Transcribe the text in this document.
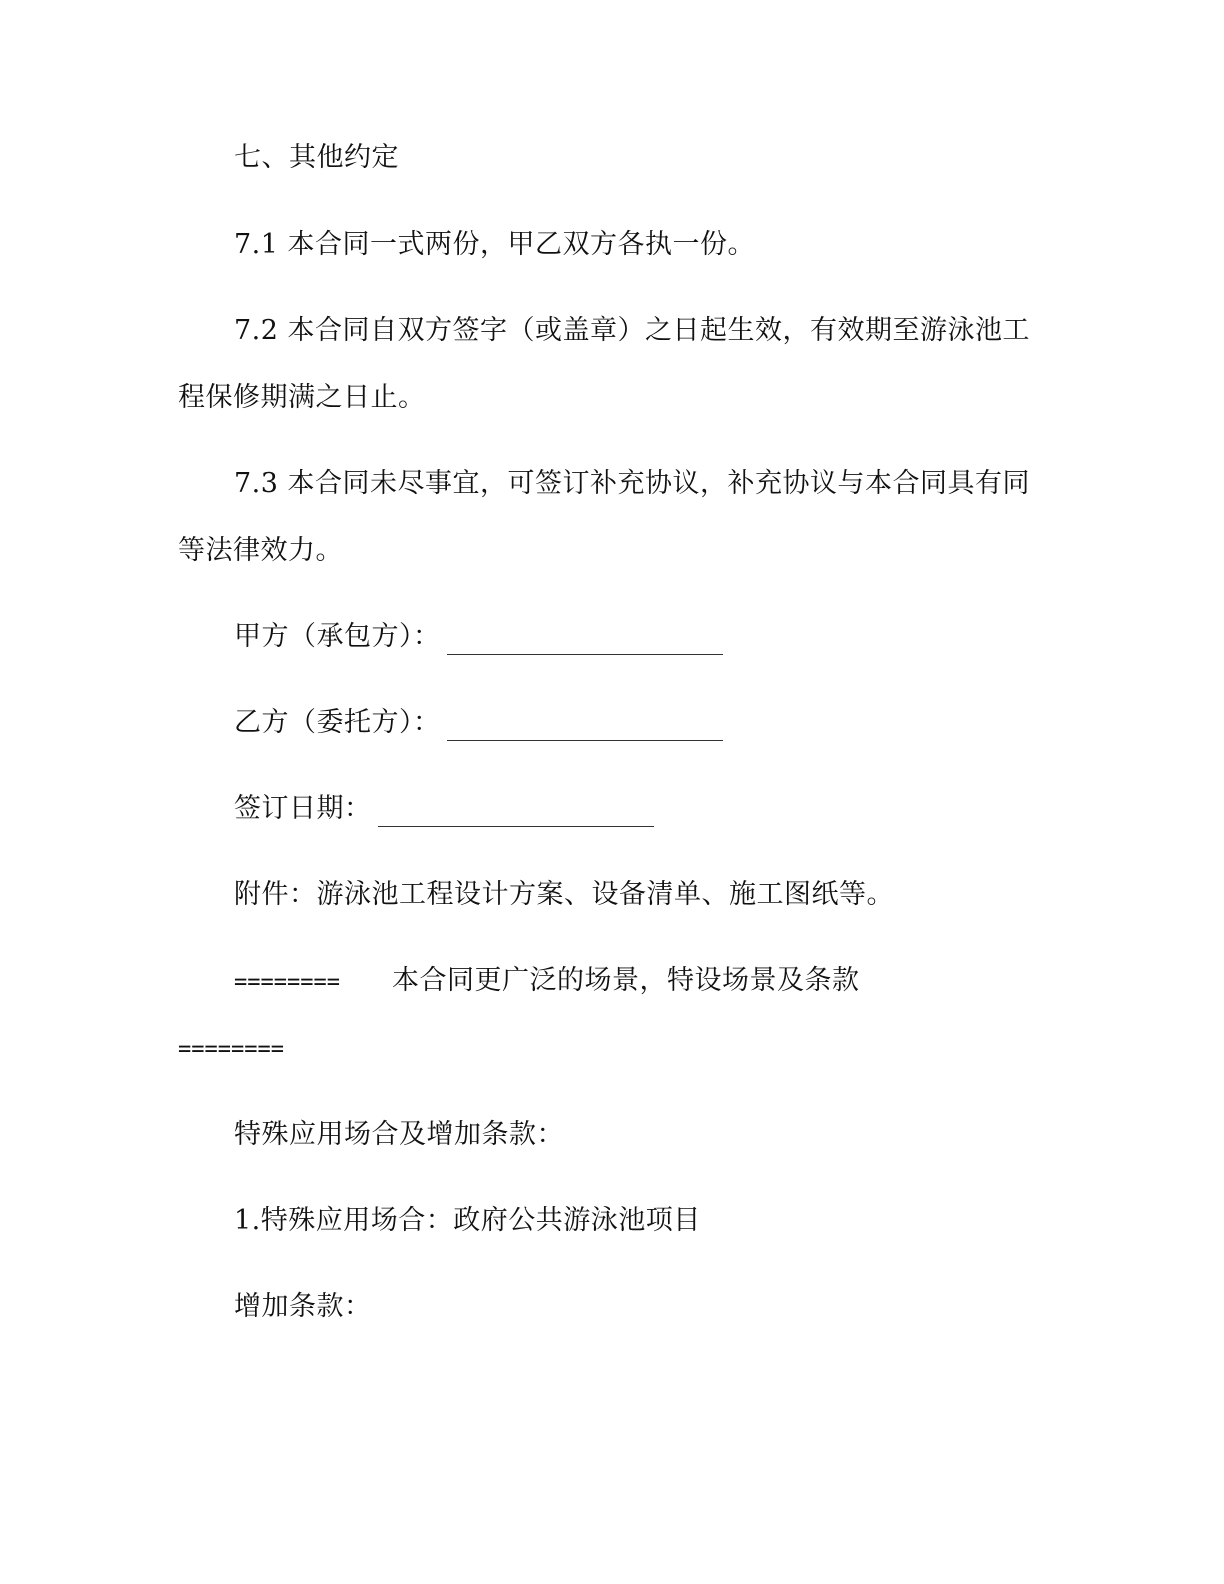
七、其他约定
7.1 本合同一式两份，甲乙双方各执一份。
7.2 本合同自双方签字（或盖章）之日起生效，有效期至游泳池工
程保修期满之日止。
7.3 本合同未尽事宜，可签订补充协议，补充协议与本合同具有同
等法律效力。
甲方（承包方）：
乙方（委托方）：
签订日期：
附件：游泳池工程设计方案、设备清单、施工图纸等。
======== 本合同更广泛的场景，特设场景及条款
========
特殊应用场合及增加条款：
1.特殊应用场合：政府公共游泳池项目
增加条款：
